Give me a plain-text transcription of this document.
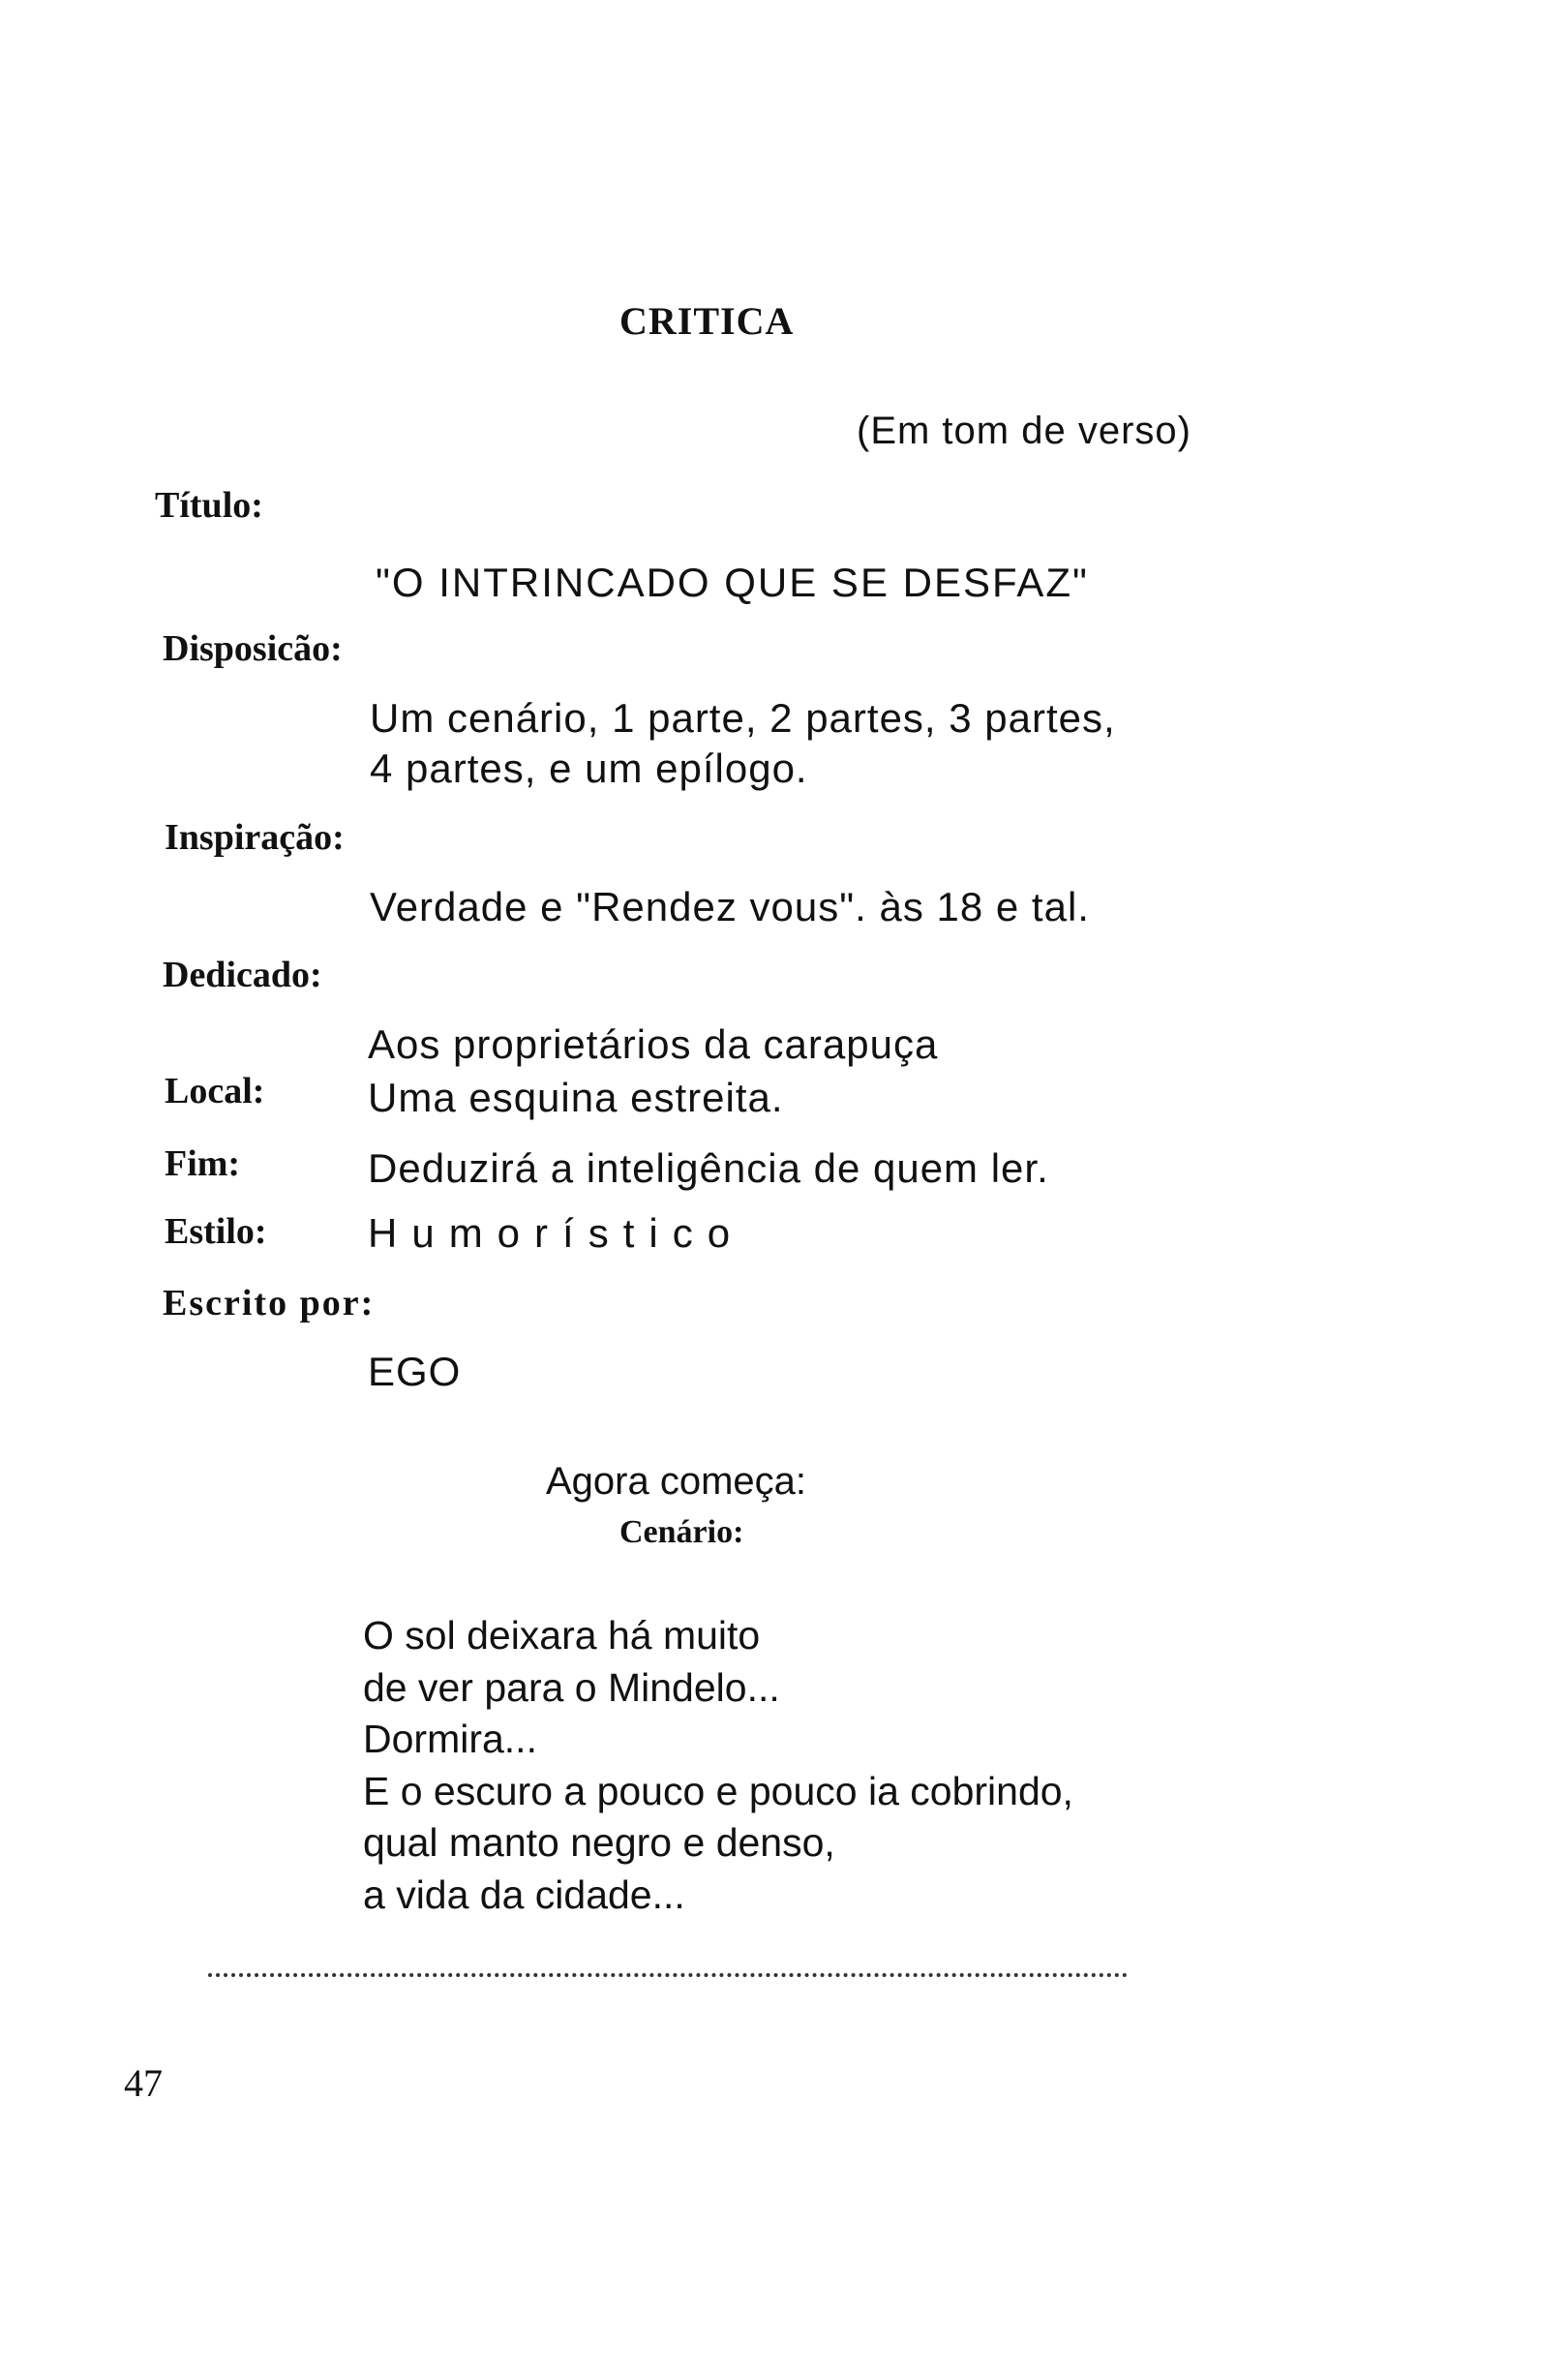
CRITICA
(Em tom de verso)
Título:
"O INTRINCADO QUE SE DESFAZ"
Disposicão:
Um cenário, 1 parte, 2 partes, 3 partes,
4 partes, e um epílogo.
Inspiração:
Verdade e "Rendez vous". às 18 e tal.
Dedicado:
Aos proprietários da carapuça
Local:	Uma esquina estreita.
Fim:	Deduzirá a inteligência de quem ler.
Estilo: Humorístico
Escrito por:
EGO
Agora começa:
Cenário:
O sol deixara há muito
de ver para o Mindelo...
Dormira...
E o escuro a pouco e pouco ia cobrindo,
qual manto negro e denso,
a vida da cidade...
47
